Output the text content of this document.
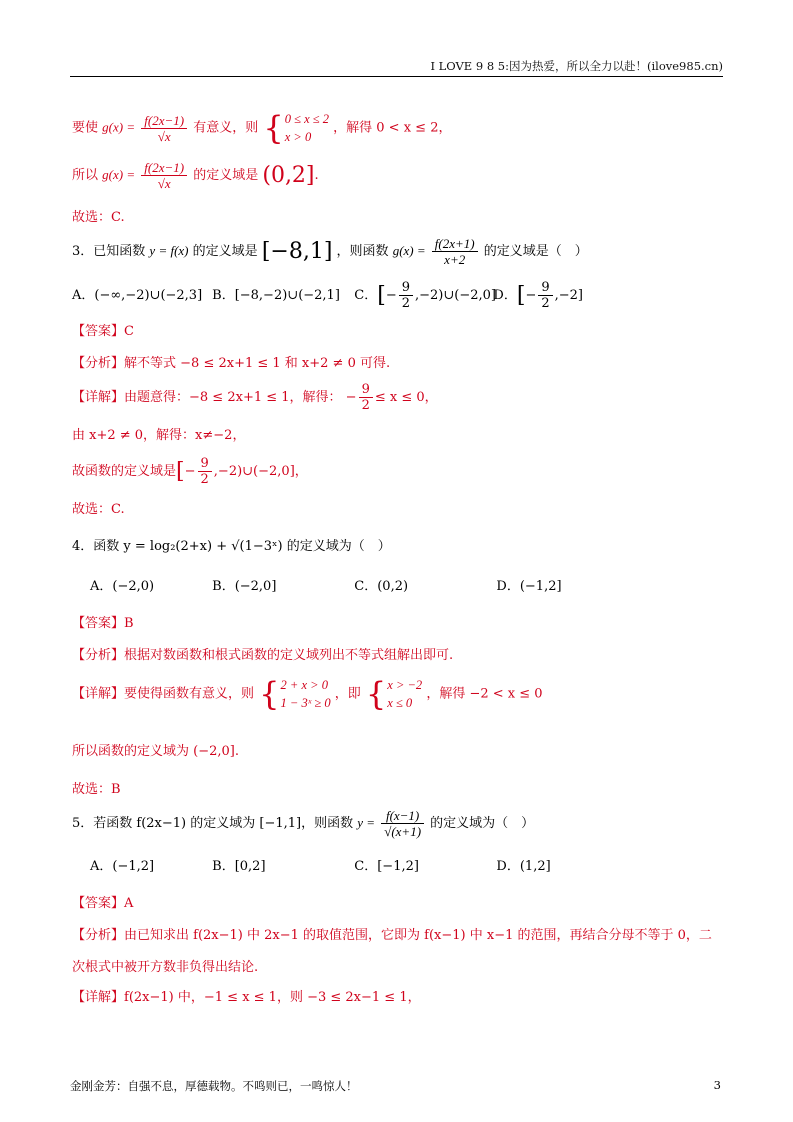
I LOVE 9 8 5:因为热爱，所以全力以赴！(ilove985.cn)
要使 $g(x) = \frac{f(2x-1)}{√x}$ 有意义，则 {0 ≤ x ≤ 2
x > 0 ，解得 0 < x ≤ 2，
所以 $g(x) = \frac{f(2x-1)}{√x}$ 的定义域是 (0,2].
故选：C.
3．已知函数 y = f(x) 的定义域是 [−8,1] ，则函数 $g(x) = \frac{f(2x+1)}{x+2}$ 的定义域是（　）
A．(−∞,−2)∪(−2,3] B．[−8,−2)∪(−2,1] C．[− $\frac{9}{2}$ ,−2)∪(−2,0] D．[− $\frac{9}{2} ,-2$]
【答案】C
【分析】解不等式 −8 ≤ 2x+1 ≤ 1 和 x+2 ≠ 0 可得.
【详解】由题意得：−8 ≤ 2x+1 ≤ 1，解得： − $\frac{9}{2} \le x \le 0$，
由 x+2 ≠ 0，解得：x≠−2，
故函数的定义域是[− $\frac{9}{2}$ ,−2)∪(−2,0]，
故选：C.
4．函数 y = log₂(2+x) + √(1−3ˣ) 的定义域为（　）
A．(−2,0)	B．(−2,0]	C．(0,2)	D．(−1,2]
【答案】B
【分析】根据对数函数和根式函数的定义域列出不等式组解出即可.
【详解】要使得函数有意义，则 {2 + x > 0
1 − 3ˣ ≥ 0 ，即 {x > −2
x ≤ 0 ，解得 −2 < x ≤ 0
所以函数的定义域为 (−2,0].
故选：B
5．若函数 f(2x−1) 的定义域为 [−1,1]，则函数 $y = \frac{f(x-1)}{√(x+1)}$ 的定义域为（　）
A．(−1,2]	B．[0,2]	C．[−1,2]	D．(1,2]
【答案】A
【分析】由已知求出 f(2x−1) 中 2x−1 的取值范围，它即为 f(x−1) 中 x−1 的范围，再结合分母不等于 0，二
次根式中被开方数非负得出结论.
【详解】f(2x−1) 中，−1 ≤ x ≤ 1，则 −3 ≤ 2x−1 ≤ 1，
金刚金芳：自强不息，厚德载物。不鸣则已，一鸣惊人！	3
